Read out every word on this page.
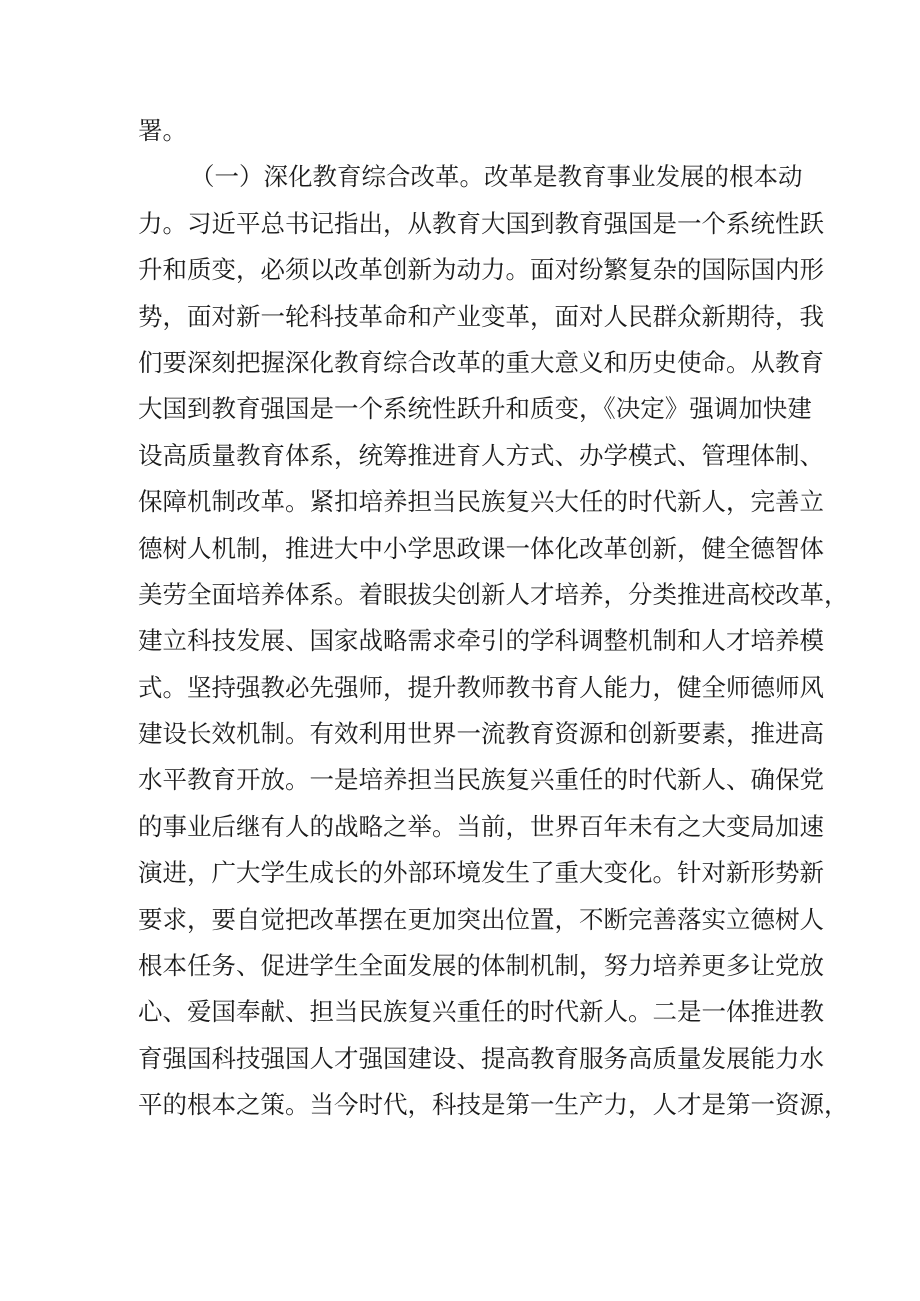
署。
（一）深化教育综合改革。改革是教育事业发展的根本动
力。习近平总书记指出，从教育大国到教育强国是一个系统性跃
升和质变，必须以改革创新为动力。面对纷繁复杂的国际国内形
势，面对新一轮科技革命和产业变革，面对人民群众新期待，我
们要深刻把握深化教育综合改革的重大意义和历史使命。从教育
大国到教育强国是一个系统性跃升和质变，《决定》强调加快建
设高质量教育体系，统筹推进育人方式、办学模式、管理体制、
保障机制改革。紧扣培养担当民族复兴大任的时代新人，完善立
德树人机制，推进大中小学思政课一体化改革创新，健全德智体
美劳全面培养体系。着眼拔尖创新人才培养，分类推进高校改革，
建立科技发展、国家战略需求牵引的学科调整机制和人才培养模
式。坚持强教必先强师，提升教师教书育人能力，健全师德师风
建设长效机制。有效利用世界一流教育资源和创新要素，推进高
水平教育开放。一是培养担当民族复兴重任的时代新人、确保党
的事业后继有人的战略之举。当前，世界百年未有之大变局加速
演进，广大学生成长的外部环境发生了重大变化。针对新形势新
要求，要自觉把改革摆在更加突出位置，不断完善落实立德树人
根本任务、促进学生全面发展的体制机制，努力培养更多让党放
心、爱国奉献、担当民族复兴重任的时代新人。二是一体推进教
育强国科技强国人才强国建设、提高教育服务高质量发展能力水
平的根本之策。当今时代，科技是第一生产力，人才是第一资源，
